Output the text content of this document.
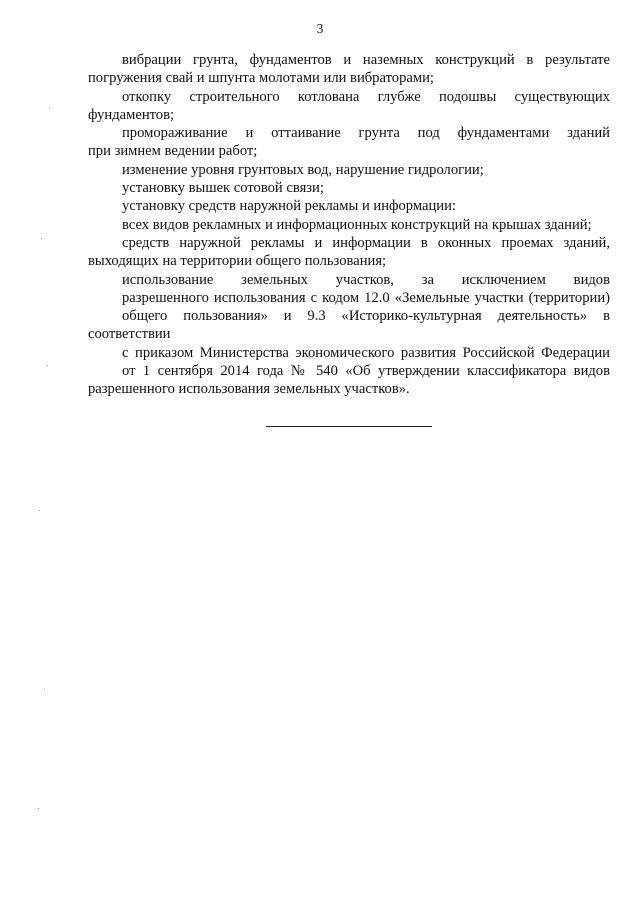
3

вибрации грунта, фундаментов и наземных конструкций в результате
погружения свай и шпунта молотами или вибраторами;

откопку строительного котлована глубже подошвы существующих
фундаментов;

промораживание и оттаивание грунта под фундаментами зданий
при зимнем ведении работ;

изменение уровня грунтовых вод, нарушение гидрологии;

установку вышек сотовой связи;

установку средств наружной рекламы и информации:

всех видов рекламных и информационных конструкций на крышах зданий;

средств наружной рекламы и информации в оконных проемах зданий,
выходящих на территории общего пользования;

использование земельных участков, за исключением видов
разрешенного использования с кодом 12.0 «Земельные участки (территории)
общего пользования» и 9.3 «Историко-культурная деятельность» в соответствии
с приказом Министерства экономического развития Российской Федерации
от 1 сентября 2014 года № 540 «Об утверждении классификатора видов
разрешенного использования земельных участков».
